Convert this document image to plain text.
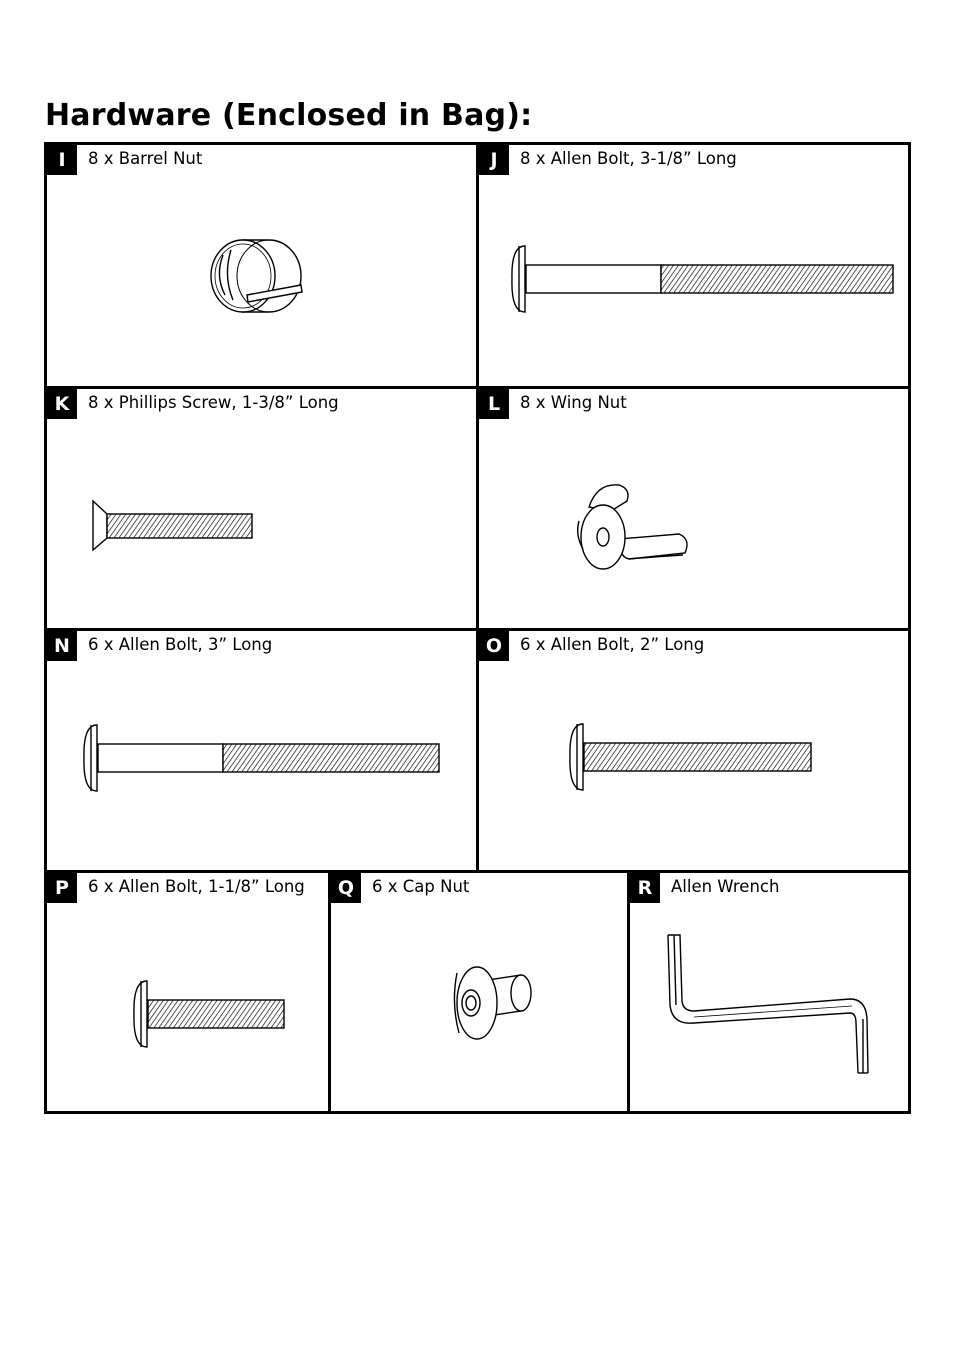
Hardware (Enclosed in Bag):
I	8 x Barrel Nut	J	8 x Allen Bolt, 3-1/8” Long
K	8 x Phillips Screw, 1-3/8” Long	L	8 x Wing Nut
N	6 x Allen Bolt, 3” Long	O	6 x Allen Bolt, 2” Long
P	6 x Allen Bolt, 1-1/8” Long	Q	6 x Cap Nut	R	Allen Wrench
